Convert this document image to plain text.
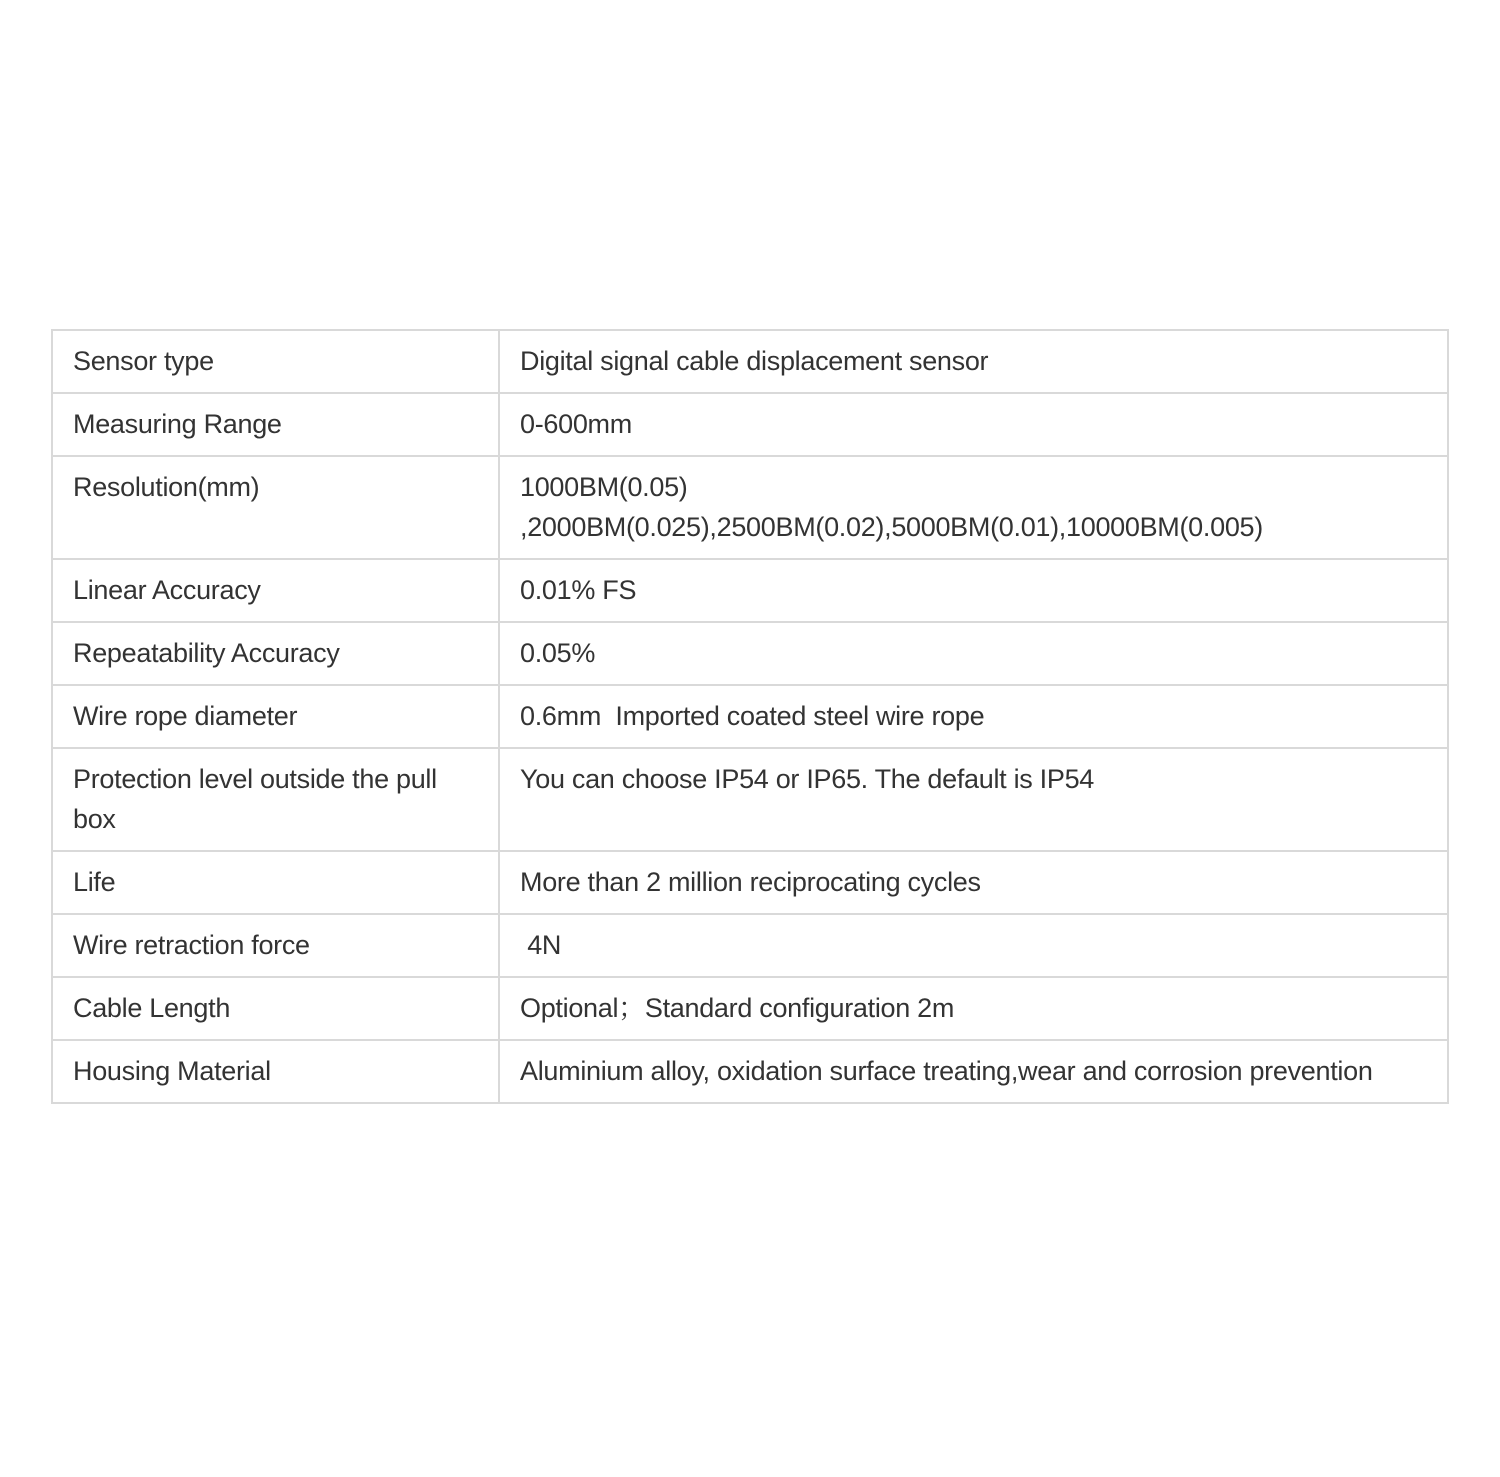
Sensor type	Digital signal cable displacement sensor
Measuring Range	0-600mm
Resolution(mm)	1000BM(0.05)
,2000BM(0.025),2500BM(0.02),5000BM(0.01),10000BM(0.005)
Linear Accuracy	0.01% FS
Repeatability Accuracy	0.05%
Wire rope diameter	0.6mm  Imported coated steel wire rope
Protection level outside the pull box	You can choose IP54 or IP65. The default is IP54
Life	More than 2 million reciprocating cycles
Wire retraction force	4N
Cable Length	Optional；Standard configuration 2m
Housing Material	Aluminium alloy, oxidation surface treating,wear and corrosion prevention
